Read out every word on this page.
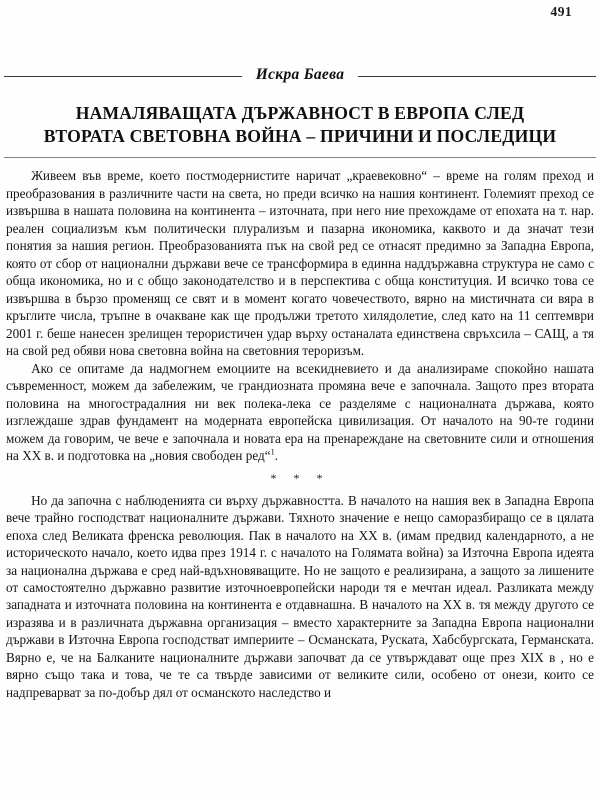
491
Искра Баева
НАМАЛЯВАЩАТА ДЪРЖАВНОСТ В ЕВРОПА СЛЕД
ВТОРАТА СВЕТОВНА ВОЙНА – ПРИЧИНИ И ПОСЛЕДИЦИ

Живеем във време, което постмодернистите наричат „краевековно“ – време на голям преход и преобразования в различните части на света, но преди всичко на нашия континент. Големият преход се извършва в нашата половина на континента – източната, при него ние прехождаме от епохата на т. нар. реален социализъм към политически плурализъм и пазарна икономика, каквото и да значат тези понятия за нашия регион. Преобразованията пък на свой ред се отнасят предимно за Западна Европа, която от сбор от национални държави вече се трансформира в единна наддържавна структура не само с обща икономика, но и с общо законодателство и в перспектива с обща конституция. И всичко това се извършва в бързо променящ се свят и в момент когато човечеството, вярно на мистичната си вяра в кръглите числа, тръпне в очакване как ще продължи третото хилядолетие, след като на 11 септември 2001 г. беше нанесен зрелищен терористичен удар върху останалата единствена свръхсила – САЩ, а тя на свой ред обяви нова световна война на световния тероризъм.

Ако се опитаме да надмогнем емоциите на всекидневието и да анализираме спокойно нашата съвременност, можем да забележим, че грандиозната промяна вече е започнала. Защото през втората половина на многострадалния ни век полека-лека се разделяме с националната държава, която изглеждаше здрав фундамент на модерната европейска цивилизация. От началото на 90-те години можем да говорим, че вече е започнала и новата ера на пренареждане на световните сили и отношения на ХХ в. и подготовка на „новия свободен ред“$^1$.

* * *

Но да започна с наблюденията си върху държавността. В началото на нашия век в Западна Европа вече трайно господстват националните държави. Тяхното значение е нещо саморазбиращо се в цялата епоха след Великата френска революция. Пак в началото на ХХ в. (имам предвид календарното, а не историческото начало, което идва през 1914 г. с началото на Голямата война) за Източна Европа идеята за национална държава е сред най-вдъхновяващите. Но не защото е реализирана, а защото за лишените от самостоятелно държавно развитие източноевропейски народи тя е мечтан идеал. Разликата между западната и източната половина на континента е отдавнашна. В началото на ХХ в. тя между другото се изразява и в различната държавна организация – вместо характерните за Западна Европа национални държави в Източна Европа господстват империите – Османската, Руската, Хабсбургската, Германската. Вярно е, че на Балканите националните държави започват да се утвърждават още през XIX в , но е вярно също така и това, че те са твърде зависими от великите сили, особено от онези, които се надпреварват за по-добър дял от османското наследство и
